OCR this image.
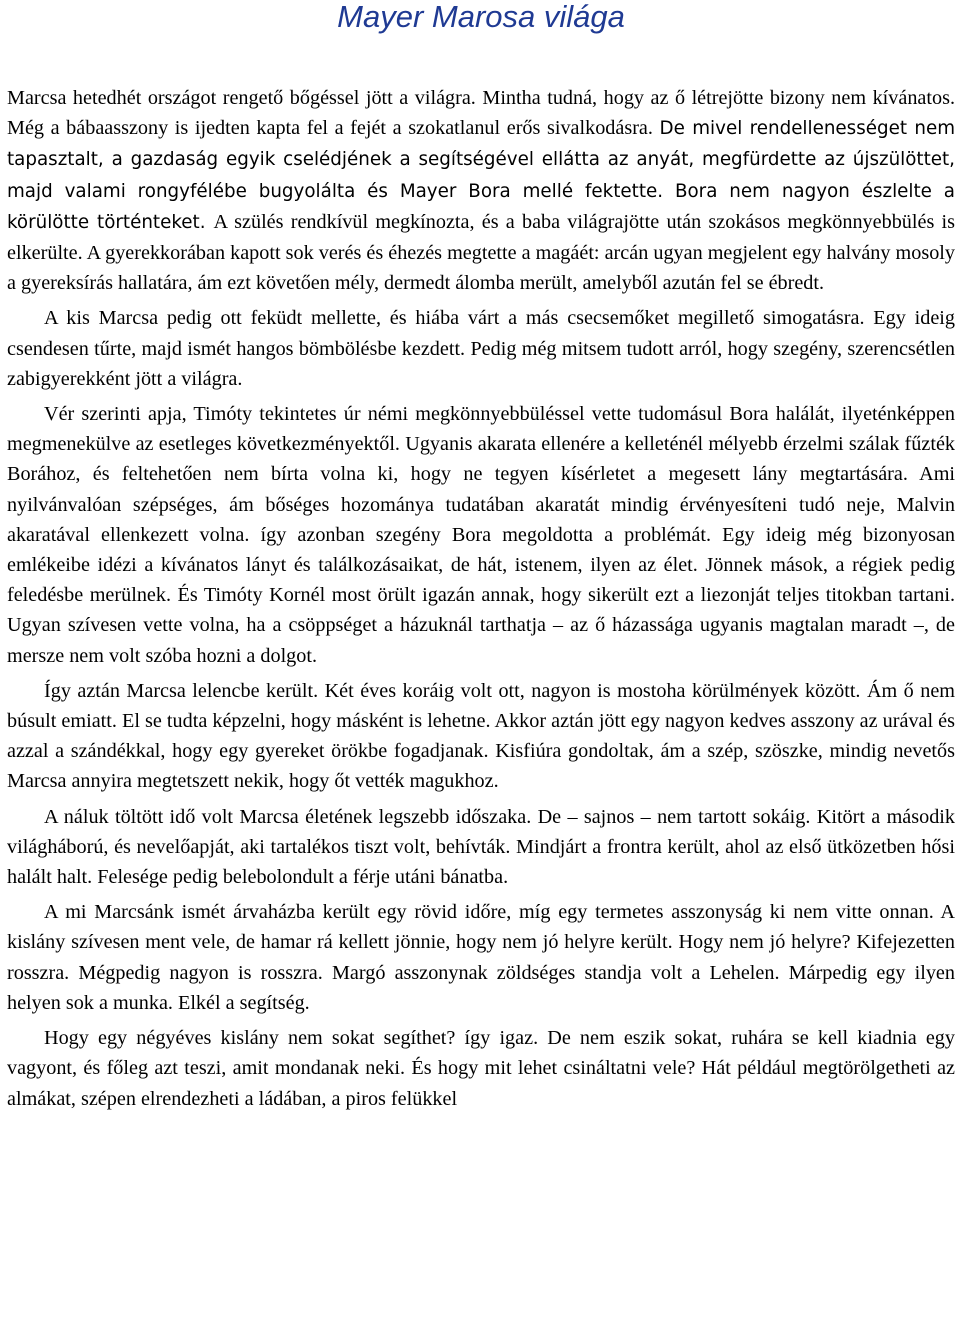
Mayer Marosa világa

Marcsa hetedhét országot rengető bőgéssel jött a világra. Mintha tudná, hogy az ő létrejötte bizony nem kívánatos. Még a bábaasszony is ijedten kapta fel a fejét a szokatlanul erős sivalkodásra. De mivel rendellenességet nem tapasztalt, a gazdaság egyik cselédjének a segítségével ellátta az anyát, megfürdette az újszülöttet, majd valami rongyfélébe bugyolálta és Mayer Bora mellé fektette. Bora nem nagyon észlelte a körülötte történteket. A szülés rendkívül megkínozta, és a baba világrajötte után szokásos megkönnyebbülés is elkerülte. A gyerekkorában kapott sok verés és éhezés megtette a magáét: arcán ugyan megjelent egy halvány mosoly a gyereksírás hallatára, ám ezt követően mély, dermedt álomba merült, amelyből azután fel se ébredt.

A kis Marcsa pedig ott feküdt mellette, és hiába várt a más csecsemőket megillető simogatásra. Egy ideig csendesen tűrte, majd ismét hangos bömbölésbe kezdett. Pedig még mitsem tudott arról, hogy szegény, szerencsétlen zabigyerekként jött a világra.

Vér szerinti apja, Timóty tekintetes úr némi megkönnyebbüléssel vette tudomásul Bora halálát, ilyeténképpen megmenekülve az esetleges következményektől. Ugyanis akarata ellenére a kelleténél mélyebb érzelmi szálak fűzték Borához, és feltehetően nem bírta volna ki, hogy ne tegyen kísérletet a megesett lány megtartására. Ami nyilvánvalóan szépséges, ám bőséges hozománya tudatában akaratát mindig érvényesíteni tudó neje, Malvin akaratával ellenkezett volna. így azonban szegény Bora megoldotta a problémát. Egy ideig még bizonyosan emlékeibe idézi a kívánatos lányt és találkozásaikat, de hát, istenem, ilyen az élet. Jönnek mások, a régiek pedig feledésbe merülnek. És Timóty Kornél most örült igazán annak, hogy sikerült ezt a liezonját teljes titokban tartani. Ugyan szívesen vette volna, ha a csöppséget a házuknál tarthatja – az ő házassága ugyanis magtalan maradt –, de mersze nem volt szóba hozni a dolgot.

Így aztán Marcsa lelencbe került. Két éves koráig volt ott, nagyon is mostoha körülmények között. Ám ő nem búsult emiatt. El se tudta képzelni, hogy másként is lehetne. Akkor aztán jött egy nagyon kedves asszony az urával és azzal a szándékkal, hogy egy gyereket örökbe fogadjanak. Kisfiúra gondoltak, ám a szép, szöszke, mindig nevetős Marcsa annyira megtetszett nekik, hogy őt vették magukhoz.

A náluk töltött idő volt Marcsa életének legszebb időszaka. De – sajnos – nem tartott sokáig. Kitört a második világháború, és nevelőapját, aki tartalékos tiszt volt, behívták. Mindjárt a frontra került, ahol az első ütközetben hősi halált halt. Felesége pedig belebolondult a férje utáni bánatba.

A mi Marcsánk ismét árvaházba került egy rövid időre, míg egy termetes asszonyság ki nem vitte onnan. A kislány szívesen ment vele, de hamar rá kellett jönnie, hogy nem jó helyre került. Hogy nem jó helyre? Kifejezetten rosszra. Mégpedig nagyon is rosszra. Margó asszonynak zöldséges standja volt a Lehelen. Márpedig egy ilyen helyen sok a munka. Elkél a segítség.

Hogy egy négyéves kislány nem sokat segíthet? így igaz. De nem eszik sokat, ruhára se kell kiadnia egy vagyont, és főleg azt teszi, amit mondanak neki. És hogy mit lehet csináltatni vele? Hát például megtörölgetheti az almákat, szépen elrendezheti a ládában, a piros felükkel
